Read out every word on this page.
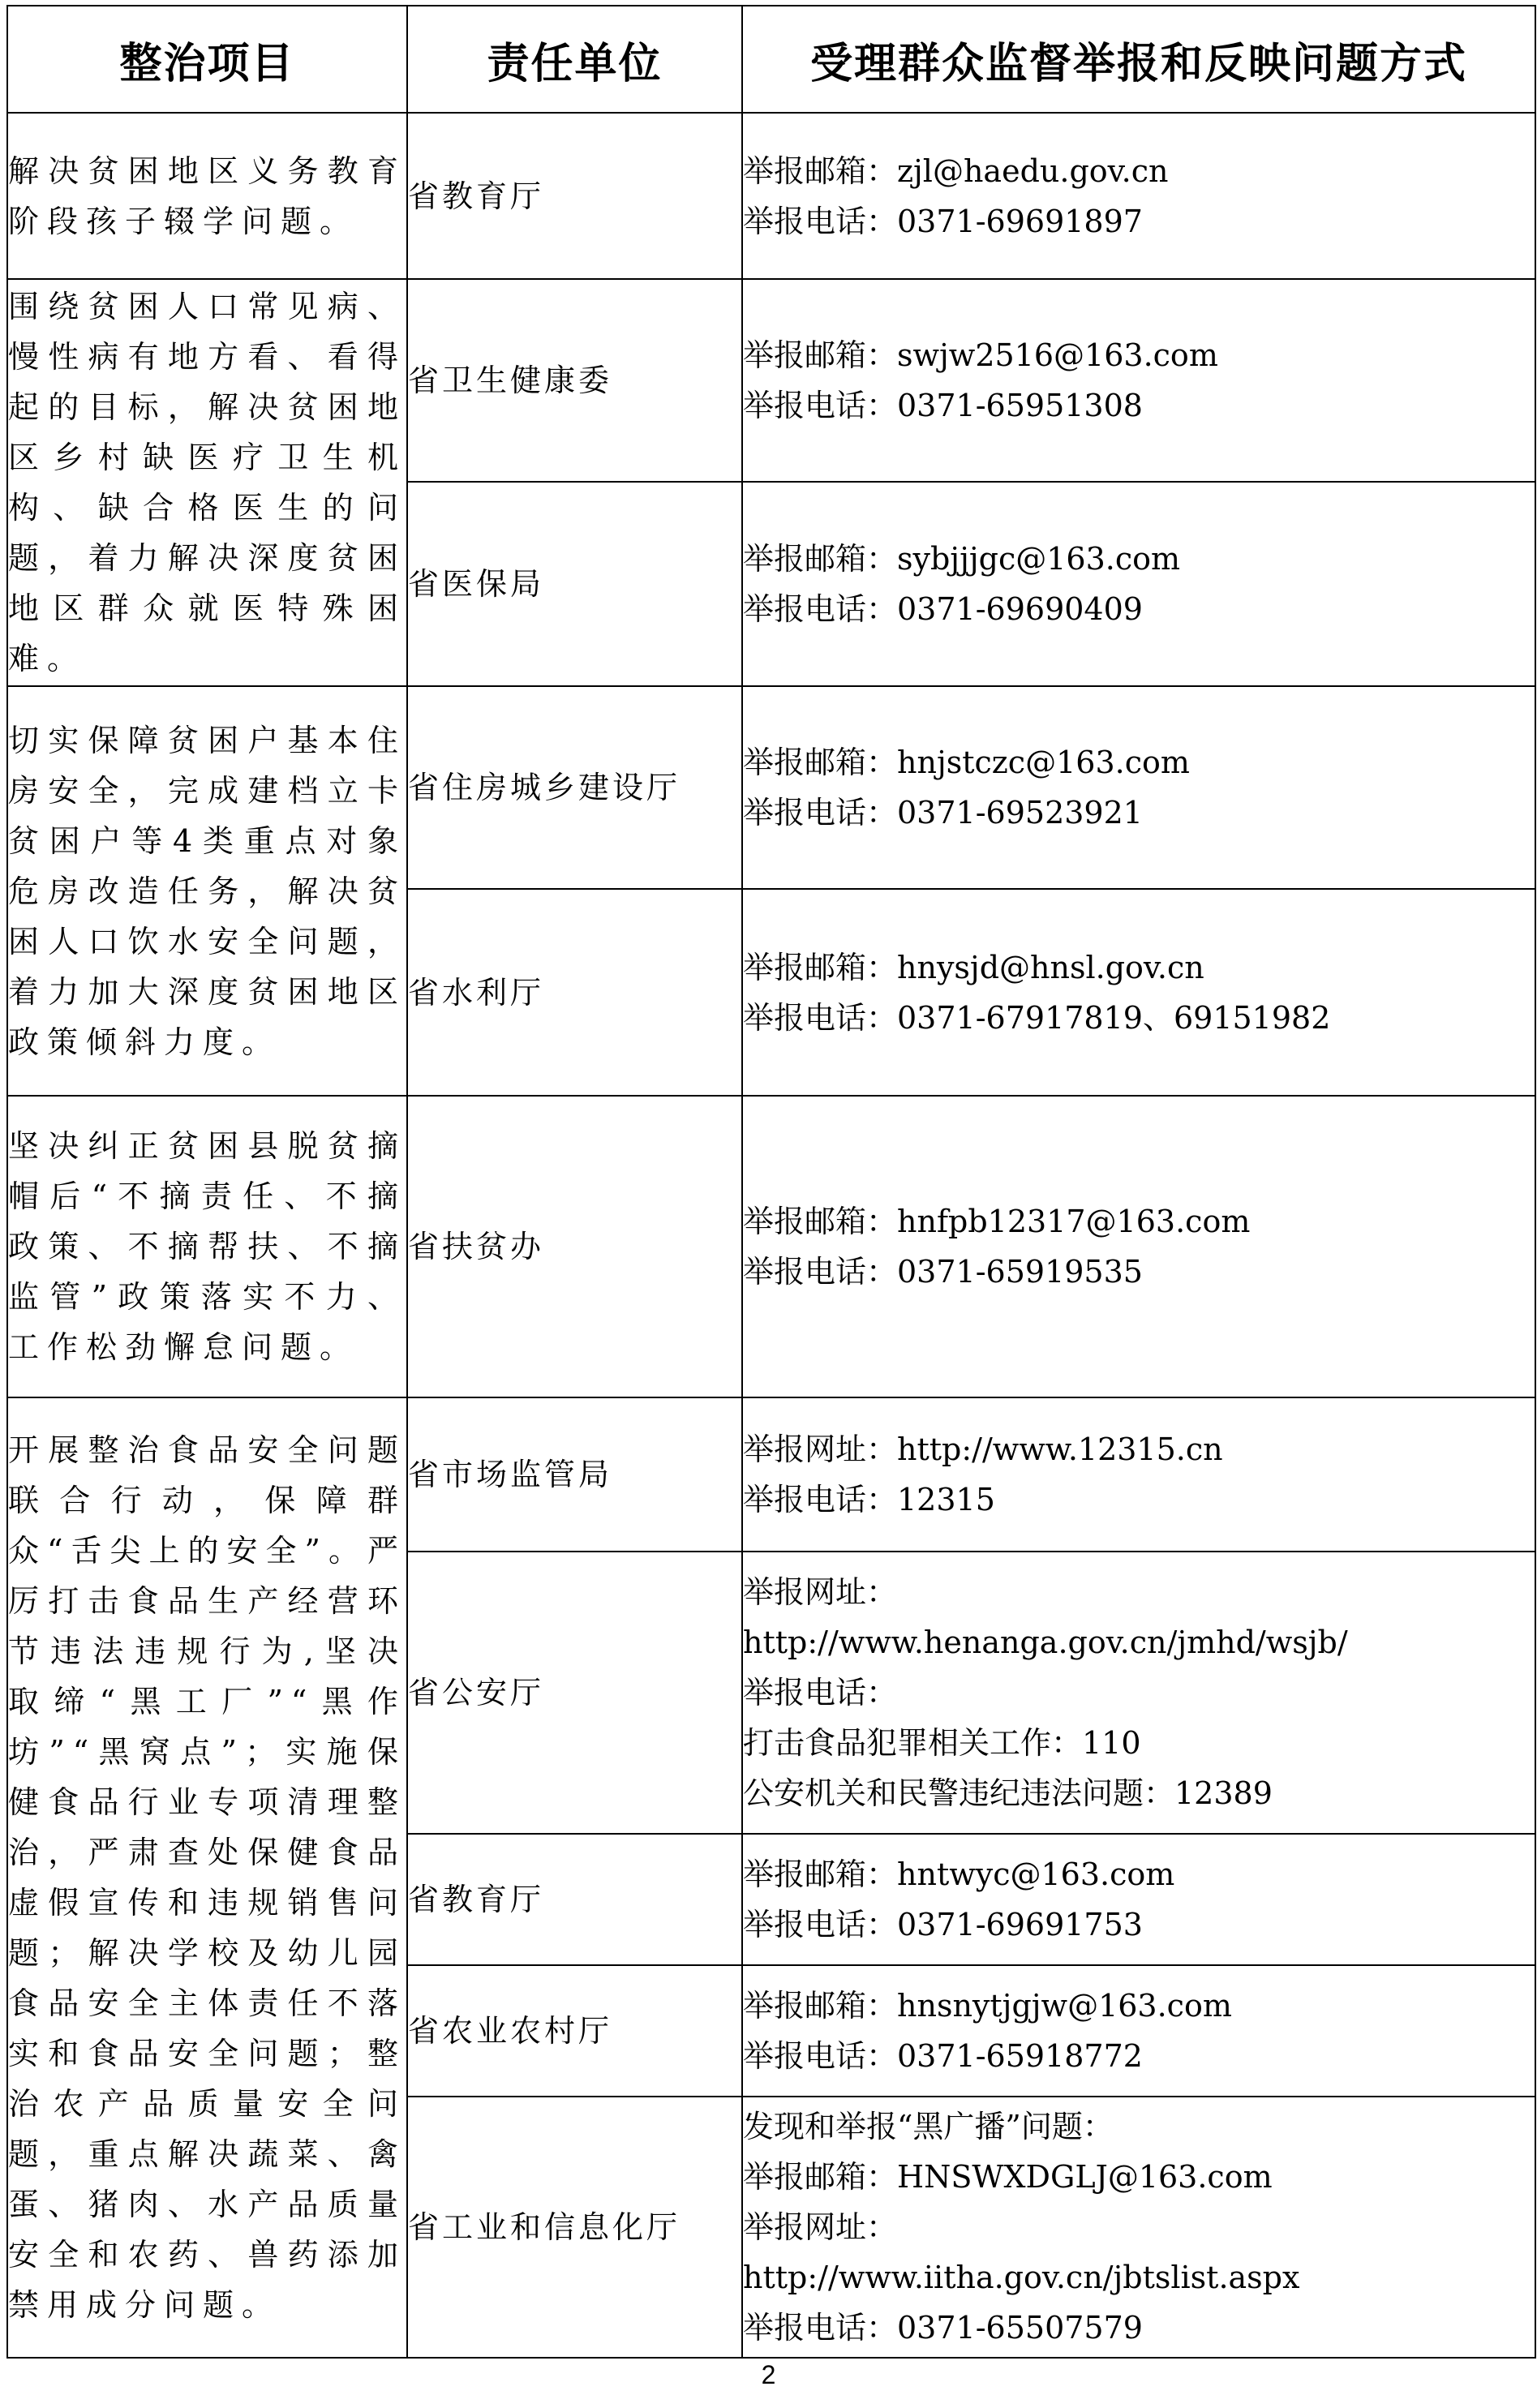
整治项目	责任单位	受理群众监督举报和反映问题方式
解决贫困地区义务教育阶段孩子辍学问题。	省教育厅	举报邮箱：zjl@haedu.gov.cn
举报电话：0371-69691897

围绕贫困人口常见病、慢性病有地方看、看得起的目标，解决贫困地区乡村缺医疗卫生机构、缺合格医生的问题，着力解决深度贫困地区群众就医特殊困难。	省卫生健康委	举报邮箱：swjw2516@163.com
举报电话：0371-65951308

	省医保局	举报邮箱：sybjjjgc@163.com
举报电话：0371-69690409

切实保障贫困户基本住房安全，完成建档立卡贫困户等4类重点对象危房改造任务，解决贫困人口饮水安全问题，着力加大深度贫困地区政策倾斜力度。	省住房城乡建设厅	举报邮箱：hnjstczc@163.com
举报电话：0371-69523921

	省水利厅	举报邮箱：hnysjd@hnsl.gov.cn
举报电话：0371-67917819、69151982

坚决纠正贫困县脱贫摘帽后“不摘责任、不摘政策、不摘帮扶、不摘监管”政策落实不力、工作松劲懈怠问题。	省扶贫办	举报邮箱：hnfpb12317@163.com
举报电话：0371-65919535

开展整治食品安全问题联合行动，保障群众“舌尖上的安全”。严厉打击食品生产经营环节违法违规行为,坚决取缔“黑工厂”“黑作坊”“黑窝点”；实施保健食品行业专项清理整治，严肃查处保健食品虚假宣传和违规销售问题；解决学校及幼儿园食品安全主体责任不落实和食品安全问题；整治农产品质量安全问题，重点解决蔬菜、禽蛋、猪肉、水产品质量安全和农药、兽药添加禁用成分问题。	省市场监管局	举报网址：http://www.12315.cn
举报电话：12315

	省公安厅	举报网址：
http://www.henanga.gov.cn/jmhd/wsjb/
举报电话：
打击食品犯罪相关工作：110
公安机关和民警违纪违法问题：12389

	省教育厅	举报邮箱：hntwyc@163.com
举报电话：0371-69691753

	省农业农村厅	举报邮箱：hnsnytjgjw@163.com
举报电话：0371-65918772

	省工业和信息化厅	发现和举报“黑广播”问题：
举报邮箱：HNSWXDGLJ@163.com
举报网址：
http://www.iitha.gov.cn/jbtslist.aspx
举报电话：0371-65507579
2
